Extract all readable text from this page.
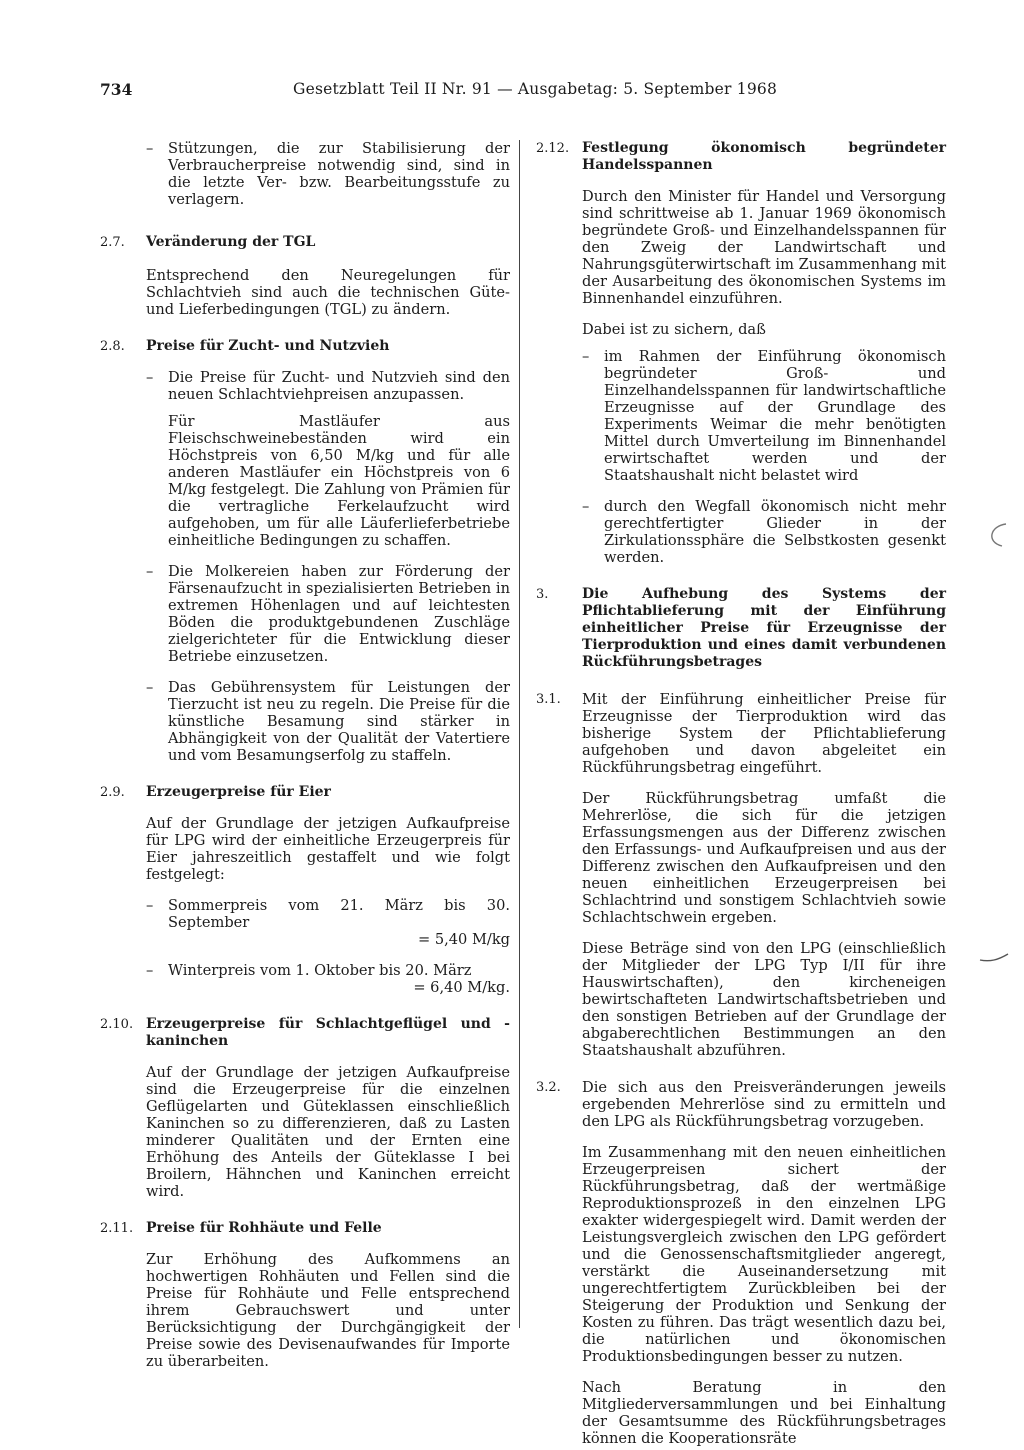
734	Gesetzblatt Teil II Nr. 91 — Ausgabetag: 5. September 1968
– Stützungen, die zur Stabilisierung der Verbraucherpreise notwendig sind, sind in die letzte Ver- bzw. Bearbeitungsstufe zu verlagern.
2.7. Veränderung der TGL
Entsprechend den Neuregelungen für Schlachtvieh sind auch die technischen Güte- und Lieferbedingungen (TGL) zu ändern.
2.8. Preise für Zucht- und Nutzvieh
– Die Preise für Zucht- und Nutzvieh sind den neuen Schlachtviehpreisen anzupassen.
Für Mastläufer aus Fleischschweinebeständen wird ein Höchstpreis von 6,50 M/kg und für alle anderen Mastläufer ein Höchstpreis von 6 M/kg festgelegt. Die Zahlung von Prämien für die vertragliche Ferkelaufzucht wird aufgehoben, um für alle Läuferlieferbetriebe einheitliche Bedingungen zu schaffen.
– Die Molkereien haben zur Förderung der Färsenaufzucht in spezialisierten Betrieben in extremen Höhenlagen und auf leichtesten Böden die produktgebundenen Zuschläge zielgerichteter für die Entwicklung dieser Betriebe einzusetzen.
– Das Gebührensystem für Leistungen der Tierzucht ist neu zu regeln. Die Preise für die künstliche Besamung sind stärker in Abhängigkeit von der Qualität der Vatertiere und vom Besamungserfolg zu staffeln.
2.9. Erzeugerpreise für Eier
Auf der Grundlage der jetzigen Aufkaufpreise für LPG wird der einheitliche Erzeugerpreis für Eier jahreszeitlich gestaffelt und wie folgt festgelegt:
– Sommerpreis vom 21. März bis 30. September
= 5,40 M/kg
– Winterpreis vom 1. Oktober bis 20. März
= 6,40 M/kg.
2.10. Erzeugerpreise für Schlachtgeflügel und -kaninchen
Auf der Grundlage der jetzigen Aufkaufpreise sind die Erzeugerpreise für die einzelnen Geflügelarten und Güteklassen einschließlich Kaninchen so zu differenzieren, daß zu Lasten minderer Qualitäten und der Ernten eine Erhöhung des Anteils der Güteklasse I bei Broilern, Hähnchen und Kaninchen erreicht wird.
2.11. Preise für Rohhäute und Felle
Zur Erhöhung des Aufkommens an hochwertigen Rohhäuten und Fellen sind die Preise für Rohhäute und Felle entsprechend ihrem Gebrauchswert und unter Berücksichtigung der Durchgängigkeit der Preise sowie des Devisenaufwandes für Importe zu überarbeiten.
2.12. Festlegung ökonomisch begründeter Handelsspannen
Durch den Minister für Handel und Versorgung sind schrittweise ab 1. Januar 1969 ökonomisch begründete Groß- und Einzelhandelsspannen für den Zweig der Landwirtschaft und Nahrungsgüterwirtschaft im Zusammenhang mit der Ausarbeitung des ökonomischen Systems im Binnenhandel einzuführen.
Dabei ist zu sichern, daß
– im Rahmen der Einführung ökonomisch begründeter Groß- und Einzelhandelsspannen für landwirtschaftliche Erzeugnisse auf der Grundlage des Experiments Weimar die mehr benötigten Mittel durch Umverteilung im Binnenhandel erwirtschaftet werden und der Staatshaushalt nicht belastet wird
– durch den Wegfall ökonomisch nicht mehr gerechtfertigter Glieder in der Zirkulationssphäre die Selbstkosten gesenkt werden.
3. Die Aufhebung des Systems der Pflichtablieferung mit der Einführung einheitlicher Preise für Erzeugnisse der Tierproduktion und eines damit verbundenen Rückführungsbetrages
3.1. Mit der Einführung einheitlicher Preise für Erzeugnisse der Tierproduktion wird das bisherige System der Pflichtablieferung aufgehoben und davon abgeleitet ein Rückführungsbetrag eingeführt.
Der Rückführungsbetrag umfaßt die Mehrerlöse, die sich für die jetzigen Erfassungsmengen aus der Differenz zwischen den Erfassungs- und Aufkaufpreisen und aus der Differenz zwischen den Aufkaufpreisen und den neuen einheitlichen Erzeugerpreisen bei Schlachtrind und sonstigem Schlachtvieh sowie Schlachtschwein ergeben.
Diese Beträge sind von den LPG (einschließlich der Mitglieder der LPG Typ I/II für ihre Hauswirtschaften), den kircheneigen bewirtschafteten Landwirtschaftsbetrieben und den sonstigen Betrieben auf der Grundlage der abgaberechtlichen Bestimmungen an den Staatshaushalt abzuführen.
3.2. Die sich aus den Preisveränderungen jeweils ergebenden Mehrerlöse sind zu ermitteln und den LPG als Rückführungsbetrag vorzugeben.
Im Zusammenhang mit den neuen einheitlichen Erzeugerpreisen sichert der Rückführungsbetrag, daß der wertmäßige Reproduktionsprozeß in den einzelnen LPG exakter widergespiegelt wird. Damit werden der Leistungsvergleich zwischen den LPG gefördert und die Genossenschaftsmitglieder angeregt, verstärkt die Auseinandersetzung mit ungerechtfertigtem Zurückbleiben bei der Steigerung der Produktion und Senkung der Kosten zu führen. Das trägt wesentlich dazu bei, die natürlichen und ökonomischen Produktionsbedingungen besser zu nutzen.
Nach Beratung in den Mitgliederversammlungen und bei Einhaltung der Gesamtsumme des Rückführungsbetrages können die Kooperationsräte
